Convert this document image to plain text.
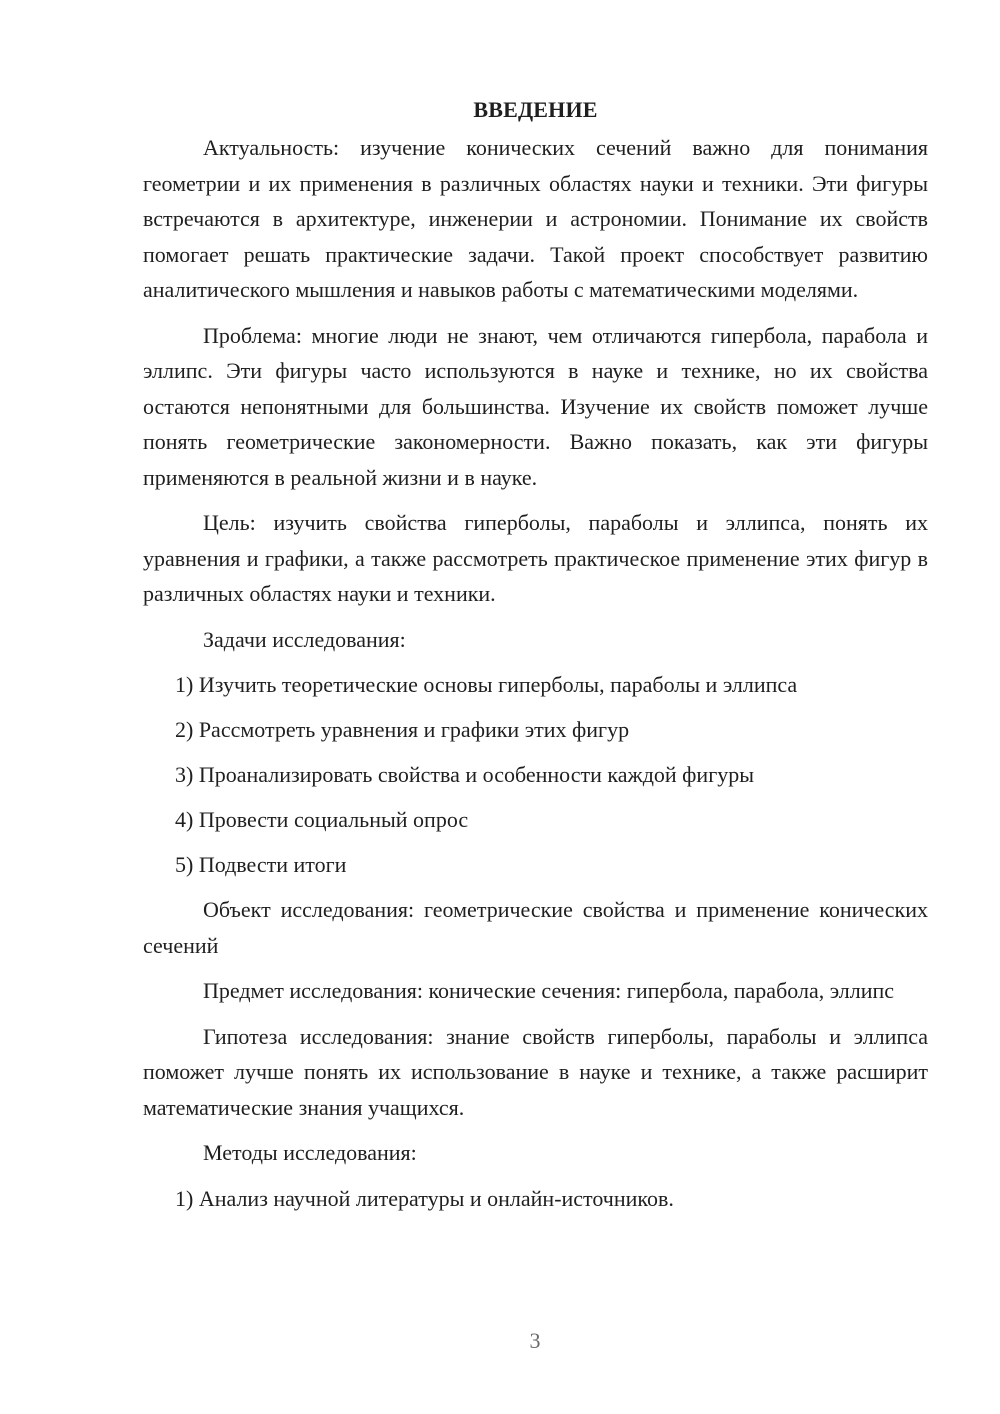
ВВЕДЕНИЕ

Актуальность: изучение конических сечений важно для понимания геометрии и их применения в различных областях науки и техники. Эти фигуры встречаются в архитектуре, инженерии и астрономии. Понимание их свойств помогает решать практические задачи. Такой проект способствует развитию аналитического мышления и навыков работы с математическими моделями.

Проблема: многие люди не знают, чем отличаются гипербола, парабола и эллипс. Эти фигуры часто используются в науке и технике, но их свойства остаются непонятными для большинства. Изучение их свойств поможет лучше понять геометрические закономерности. Важно показать, как эти фигуры применяются в реальной жизни и в науке.

Цель: изучить свойства гиперболы, параболы и эллипса, понять их уравнения и графики, а также рассмотреть практическое применение этих фигур в различных областях науки и техники.

Задачи исследования:

1) Изучить теоретические основы гиперболы, параболы и эллипса
2) Рассмотреть уравнения и графики этих фигур
3) Проанализировать свойства и особенности каждой фигуры
4) Провести социальный опрос
5) Подвести итоги

Объект исследования: геометрические свойства и применение конических сечений

Предмет исследования: конические сечения: гипербола, парабола, эллипс

Гипотеза исследования: знание свойств гиперболы, параболы и эллипса поможет лучше понять их использование в науке и технике, а также расширит математические знания учащихся.

Методы исследования:

1) Анализ научной литературы и онлайн-источников.
3
